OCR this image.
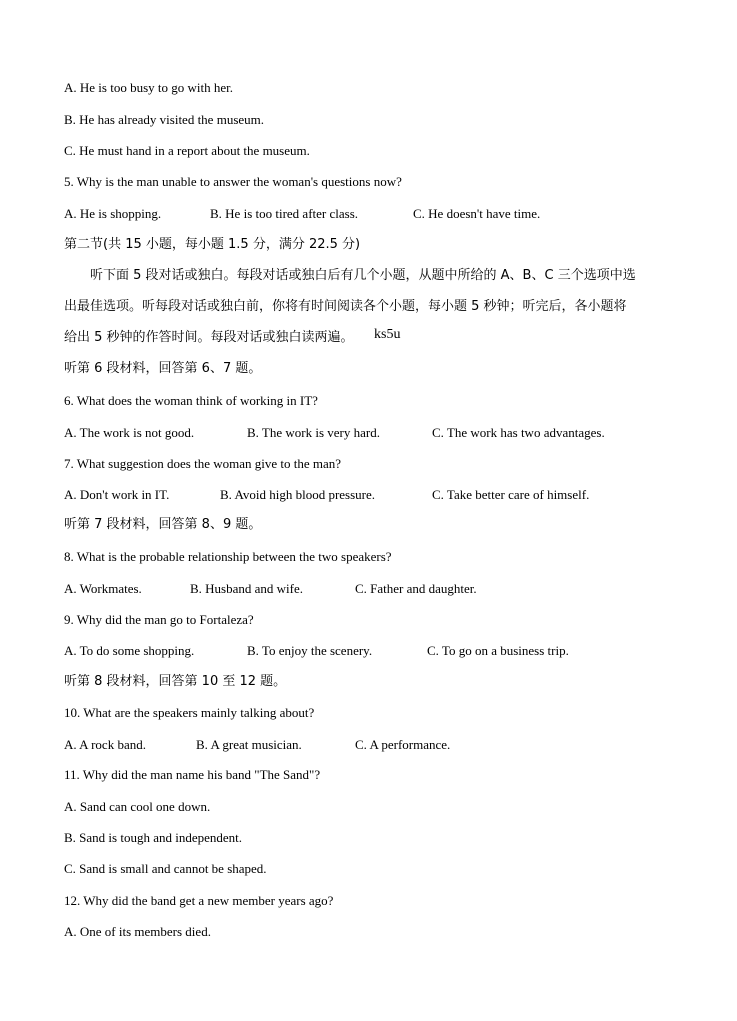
A. He is too busy to go with her.
B. He has already visited the museum.
C. He must hand in a report about the museum.
5. Why is the man unable to answer the woman's questions now?
A. He is shopping.	B. He is too tired after class.	C. He doesn't have time.
第二节(共 15 小题，每小题 1.5 分，满分 22.5 分)
听下面 5 段对话或独白。每段对话或独白后有几个小题，从题中所给的 A、B、C 三个选项中选
出最佳选项。听每段对话或独白前，你将有时间阅读各个小题，每小题 5 秒钟；听完后，各小题将
给出 5 秒钟的作答时间。每段对话或独白读两遍。 ks5u
听第 6 段材料，回答第 6、7 题。
6. What does the woman think of working in IT?
A. The work is not good.	B. The work is very hard.	C. The work has two advantages.
7. What suggestion does the woman give to the man?
A. Don't work in IT.	B. Avoid high blood pressure.	C. Take better care of himself.
听第 7 段材料，回答第 8、9 题。
8. What is the probable relationship between the two speakers?
A. Workmates.	B. Husband and wife.	C. Father and daughter.
9. Why did the man go to Fortaleza?
A. To do some shopping.	B. To enjoy the scenery.	C. To go on a business trip.
听第 8 段材料，回答第 10 至 12 题。
10. What are the speakers mainly talking about?
A. A rock band.	B. A great musician.	C. A performance.
11. Why did the man name his band "The Sand"?
A. Sand can cool one down.
B. Sand is tough and independent.
C. Sand is small and cannot be shaped.
12. Why did the band get a new member years ago?
A. One of its members died.
